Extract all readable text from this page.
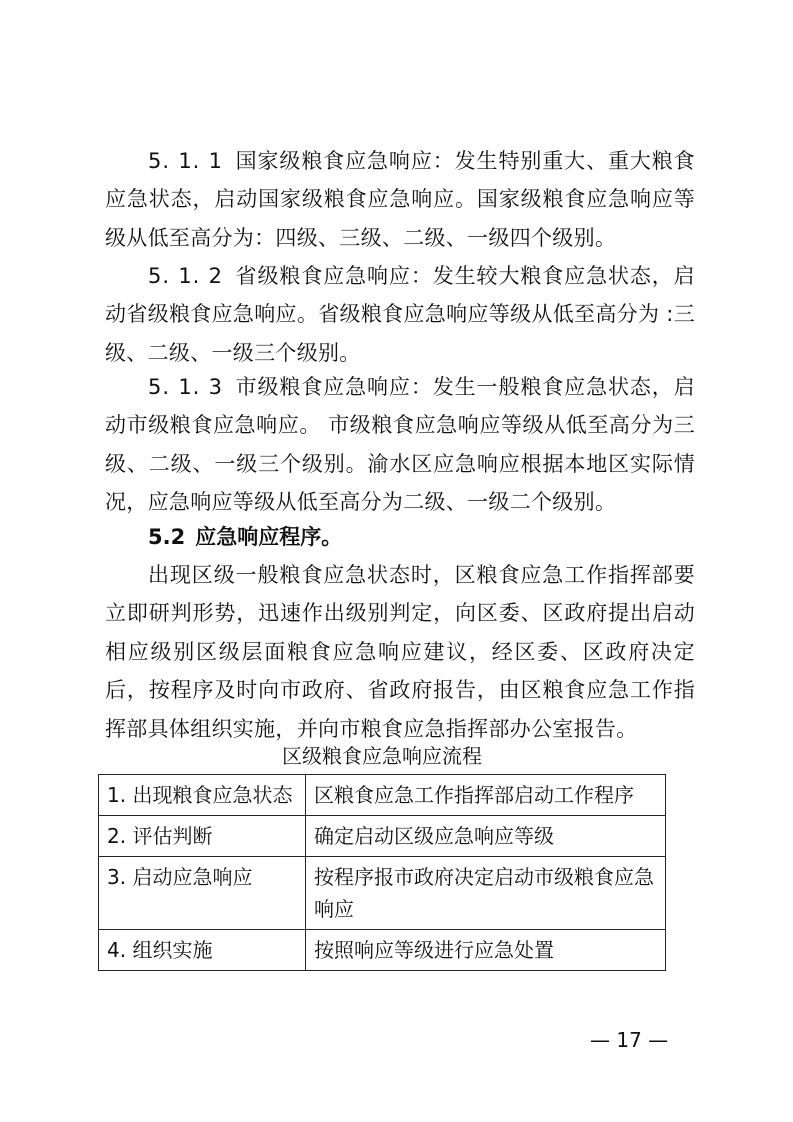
5. 1. 1 国家级粮食应急响应：发生特别重大、重大粮食应急状态，启动国家级粮食应急响应。国家级粮食应急响应等级从低至高分为：四级、三级、二级、一级四个级别。

5. 1. 2 省级粮食应急响应：发生较大粮食应急状态，启动省级粮食应急响应。省级粮食应急响应等级从低至高分为 :三级、二级、一级三个级别。

5. 1. 3 市级粮食应急响应：发生一般粮食应急状态，启动市级粮食应急响应。 市级粮食应急响应等级从低至高分为三级、二级、一级三个级别。渝水区应急响应根据本地区实际情况，应急响应等级从低至高分为二级、一级二个级别。

5.2 应急响应程序。

出现区级一般粮食应急状态时，区粮食应急工作指挥部要立即研判形势，迅速作出级别判定，向区委、区政府提出启动相应级别区级层面粮食应急响应建议，经区委、区政府决定后，按程序及时向市政府、省政府报告，由区粮食应急工作指挥部具体组织实施，并向市粮食应急指挥部办公室报告。

区级粮食应急响应流程
1. 出现粮食应急状态	区粮食应急工作指挥部启动工作程序
2. 评估判断	确定启动区级应急响应等级
3. 启动应急响应	按程序报市政府决定启动市级粮食应急响应
4. 组织实施	按照响应等级进行应急处置
— 17 —
